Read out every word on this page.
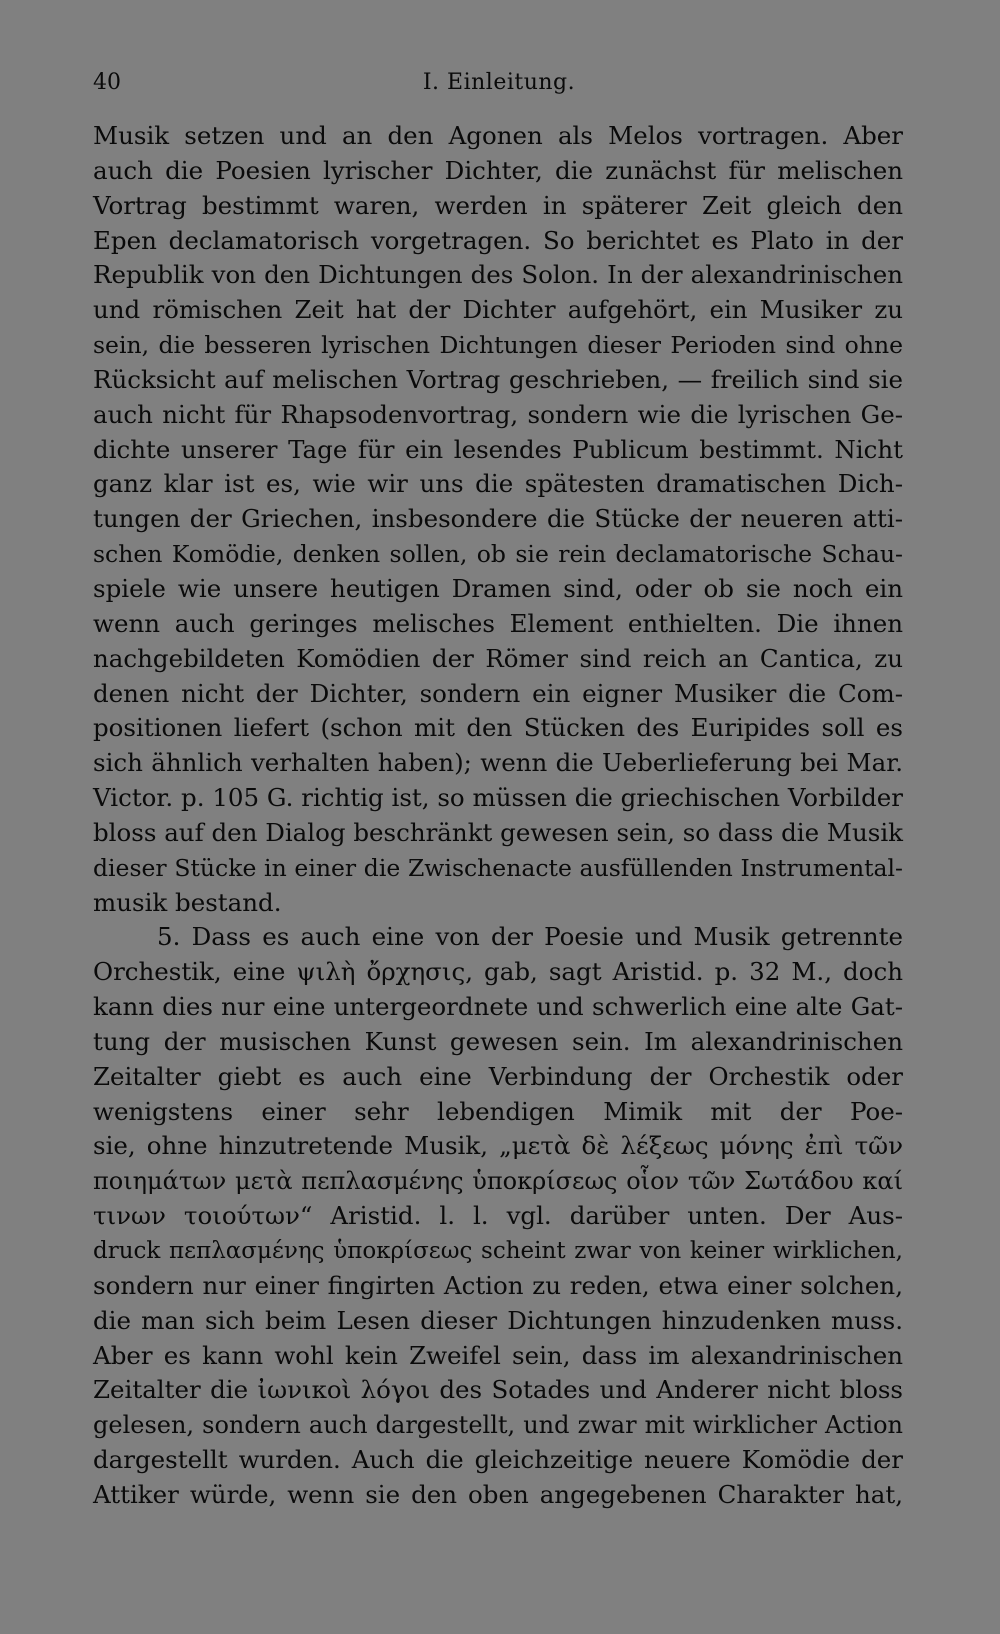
40	I. Einleitung.
Musik setzen und an den Agonen als Melos vortragen. Aber
auch die Poesien lyrischer Dichter, die zunächst für melischen
Vortrag bestimmt waren, werden in späterer Zeit gleich den
Epen declamatorisch vorgetragen. So berichtet es Plato in der
Republik von den Dichtungen des Solon. In der alexandrinischen
und römischen Zeit hat der Dichter aufgehört, ein Musiker zu
sein, die besseren lyrischen Dichtungen dieser Perioden sind ohne
Rücksicht auf melischen Vortrag geschrieben, — freilich sind sie
auch nicht für Rhapsodenvortrag, sondern wie die lyrischen Ge-
dichte unserer Tage für ein lesendes Publicum bestimmt. Nicht
ganz klar ist es, wie wir uns die spätesten dramatischen Dich-
tungen der Griechen, insbesondere die Stücke der neueren atti-
schen Komödie, denken sollen, ob sie rein declamatorische Schau-
spiele wie unsere heutigen Dramen sind, oder ob sie noch ein
wenn auch geringes melisches Element enthielten. Die ihnen
nachgebildeten Komödien der Römer sind reich an Cantica, zu
denen nicht der Dichter, sondern ein eigner Musiker die Com-
positionen liefert (schon mit den Stücken des Euripides soll es
sich ähnlich verhalten haben); wenn die Ueberlieferung bei Mar.
Victor. p. 105 G. richtig ist, so müssen die griechischen Vorbilder
bloss auf den Dialog beschränkt gewesen sein, so dass die Musik
dieser Stücke in einer die Zwischenacte ausfüllenden Instrumental-
musik bestand.
5. Dass es auch eine von der Poesie und Musik getrennte
Orchestik, eine ψιλὴ ὄρχησις, gab, sagt Aristid. p. 32 M., doch
kann dies nur eine untergeordnete und schwerlich eine alte Gat-
tung der musischen Kunst gewesen sein. Im alexandrinischen
Zeitalter giebt es auch eine Verbindung der Orchestik oder
wenigstens einer sehr lebendigen Mimik mit der Poe-
sie, ohne hinzutretende Musik, „μετὰ δὲ λέξεως μόνης ἐπὶ τῶν
ποιημάτων μετὰ πεπλασμένης ὑποκρίσεως οἷον τῶν Σωτάδου καί
τινων τοιούτων“ Aristid. l. l. vgl. darüber unten. Der Aus-
druck πεπλασμένης ὑποκρίσεως scheint zwar von keiner wirklichen,
sondern nur einer fingirten Action zu reden, etwa einer solchen,
die man sich beim Lesen dieser Dichtungen hinzudenken muss.
Aber es kann wohl kein Zweifel sein, dass im alexandrinischen
Zeitalter die ἰωνικοὶ λόγοι des Sotades und Anderer nicht bloss
gelesen, sondern auch dargestellt, und zwar mit wirklicher Action
dargestellt wurden. Auch die gleichzeitige neuere Komödie der
Attiker würde, wenn sie den oben angegebenen Charakter hat,
